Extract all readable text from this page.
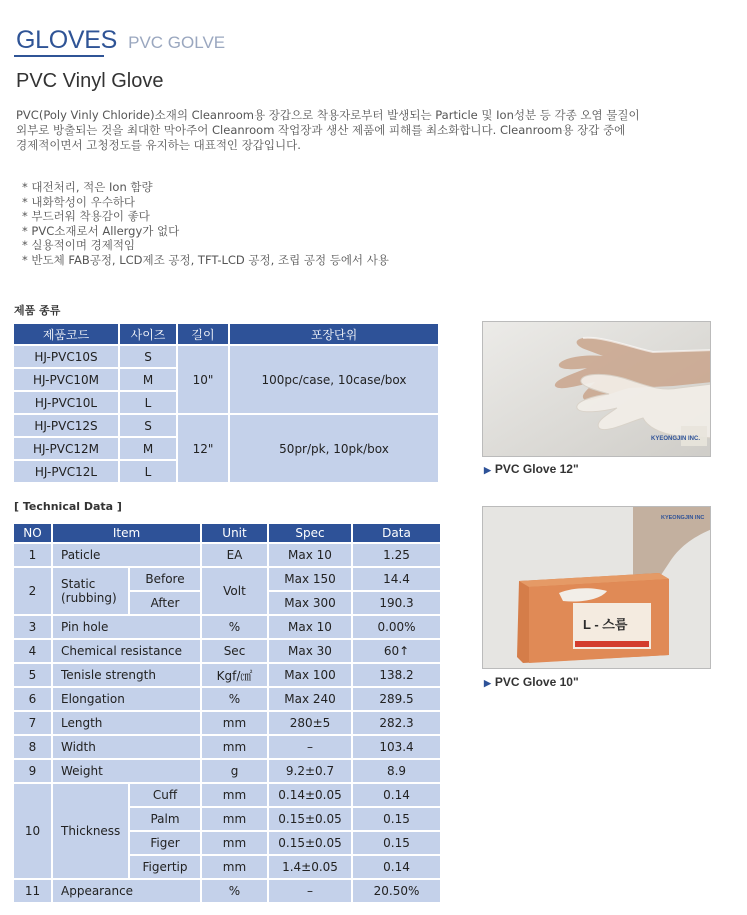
GLOVES PVC GOLVE
PVC Vinyl Glove
PVC(Poly Vinly Chloride)소재의 Cleanroom용 장갑으로 착용자로부터 발생되는 Particle 및 Ion성분 등 각종 오염 물질이
외부로 방출되는 것을 최대한 막아주어 Cleanroom 작업장과 생산 제품에 피해를 최소화합니다. Cleanroom용 장갑 중에
경제적이면서 고청정도를 유지하는 대표적인 장갑입니다.
* 대전처리, 적은 Ion 함량
* 내화학성이 우수하다
* 부드러워 착용감이 좋다
* PVC소재로서 Allergy가 없다
* 실용적이며 경제적임
* 반도체 FAB공정, LCD제조 공정, TFT-LCD 공정, 조립 공정 등에서 사용
제품 종류
제품코드	사이즈	길이	포장단위
HJ-PVC10S	S	10"	100pc/case, 10case/box
HJ-PVC10M	M		
HJ-PVC10L	L		
HJ-PVC12S	S	12"	50pr/pk, 10pk/box
HJ-PVC12M	M		
HJ-PVC12L	L		
[ Technical Data ]
NO	Item		Unit	Spec	Data
1	Paticle		EA	Max 10	1.25
2	Static
(rubbing)	Before	Volt	Max 150	14.4
		After		Max 300	190.3
3	Pin hole		%	Max 10	0.00%
4	Chemical resistance		Sec	Max 30	60↑
5	Tenisle strength		Kgf/㎠	Max 100	138.2
6	Elongation		%	Max 240	289.5
7	Length		mm	280±5	282.3
8	Width		mm	–	103.4
9	Weight		g	9.2±0.7	8.9
10	Thickness	Cuff	mm	0.14±0.05	0.14
		Palm	mm	0.15±0.05	0.15
		Figer	mm	0.15±0.05	0.15
		Figertip	mm	1.4±0.05	0.14
11	Appearance		%	–	20.50%
KYEONGJIN INC.
▶ PVC Glove 12"
L - 스름
KYEONGJIN INC
▶ PVC Glove 10"
